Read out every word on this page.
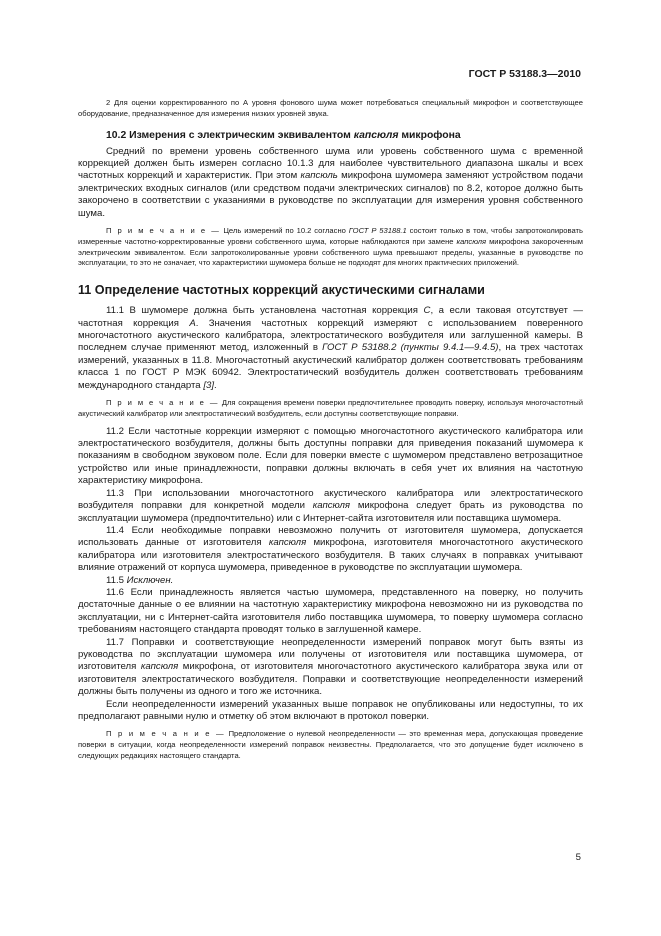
ГОСТ Р 53188.3—2010

2 Для оценки корректированного по А уровня фонового шума может потребоваться специальный микрофон и соответствующее оборудование, предназначенное для измерения низких уровней звука.

10.2 Измерения с электрическим эквивалентом капсюля микрофона

Средний по времени уровень собственного шума или уровень собственного шума с временной коррекцией должен быть измерен согласно 10.1.3 для наиболее чувствительного диапазона шкалы и всех частотных коррекций и характеристик. При этом капсюль микрофона шумомера заменяют устройством подачи электрических входных сигналов (или средством подачи электрических сигналов) по 8.2, которое должно быть закорочено в соответствии с указаниями в руководстве по эксплуатации для измерения уровня собственного шума.

П р и м е ч а н и е — Цель измерений по 10.2 согласно ГОСТ Р 53188.1 состоит только в том, чтобы запротоколировать измеренные частотно-корректированные уровни собственного шума, которые наблюдаются при замене капсюля микрофона закороченным электрическим эквивалентом. Если запротоколированные уровни собственного шума превышают пределы, указанные в руководстве по эксплуатации, то это не означает, что характеристики шумомера больше не подходят для многих практических приложений.

11 Определение частотных коррекций акустическими сигналами

11.1 В шумомере должна быть установлена частотная коррекция С, а если таковая отсутствует — частотная коррекция А. Значения частотных коррекций измеряют с использованием поверенного многочастотного акустического калибратора, электростатического возбудителя или заглушенной камеры. В последнем случае применяют метод, изложенный в ГОСТ Р 53188.2 (пункты 9.4.1—9.4.5), на трех частотах измерений, указанных в 11.8. Многочастотный акустический калибратор должен соответствовать требованиям класса 1 по ГОСТ Р МЭК 60942. Электростатический возбудитель должен соответствовать требованиям международного стандарта [3].

П р и м е ч а н и е — Для сокращения времени поверки предпочтительнее проводить поверку, используя многочастотный акустический калибратор или электростатический возбудитель, если доступны соответствующие поправки.

11.2 Если частотные коррекции измеряют с помощью многочастотного акустического калибратора или электростатического возбудителя, должны быть доступны поправки для приведения показаний шумомера к показаниям в свободном звуковом поле. Если для поверки вместе с шумомером представлено ветрозащитное устройство или иные принадлежности, поправки должны включать в себя учет их влияния на частотную характеристику микрофона.

11.3 При использовании многочастотного акустического калибратора или электростатического возбудителя поправки для конкретной модели капсюля микрофона следует брать из руководства по эксплуатации шумомера (предпочтительно) или с Интернет-сайта изготовителя или поставщика шумомера.

11.4 Если необходимые поправки невозможно получить от изготовителя шумомера, допускается использовать данные от изготовителя капсюля микрофона, изготовителя многочастотного акустического калибратора или изготовителя электростатического возбудителя. В таких случаях в поправках учитывают влияние отражений от корпуса шумомера, приведенное в руководстве по эксплуатации шумомера.

11.5 Исключен.

11.6 Если принадлежность является частью шумомера, представленного на поверку, но получить достаточные данные о ее влиянии на частотную характеристику микрофона невозможно ни из руководства по эксплуатации, ни с Интернет-сайта изготовителя либо поставщика шумомера, то поверку шумомера согласно требованиям настоящего стандарта проводят только в заглушенной камере.

11.7 Поправки и соответствующие неопределенности измерений поправок могут быть взяты из руководства по эксплуатации шумомера или получены от изготовителя или поставщика шумомера, от изготовителя капсюля микрофона, от изготовителя многочастотного акустического калибратора звука или от изготовителя электростатического возбудителя. Поправки и соответствующие неопределенности измерений должны быть получены из одного и того же источника.

Если неопределенности измерений указанных выше поправок не опубликованы или недоступны, то их предполагают равными нулю и отметку об этом включают в протокол поверки.

П р и м е ч а н и е — Предположение о нулевой неопределенности — это временная мера, допускающая проведение поверки в ситуации, когда неопределенности измерений поправок неизвестны. Предполагается, что это допущение будет исключено в следующих редакциях настоящего стандарта.

5
